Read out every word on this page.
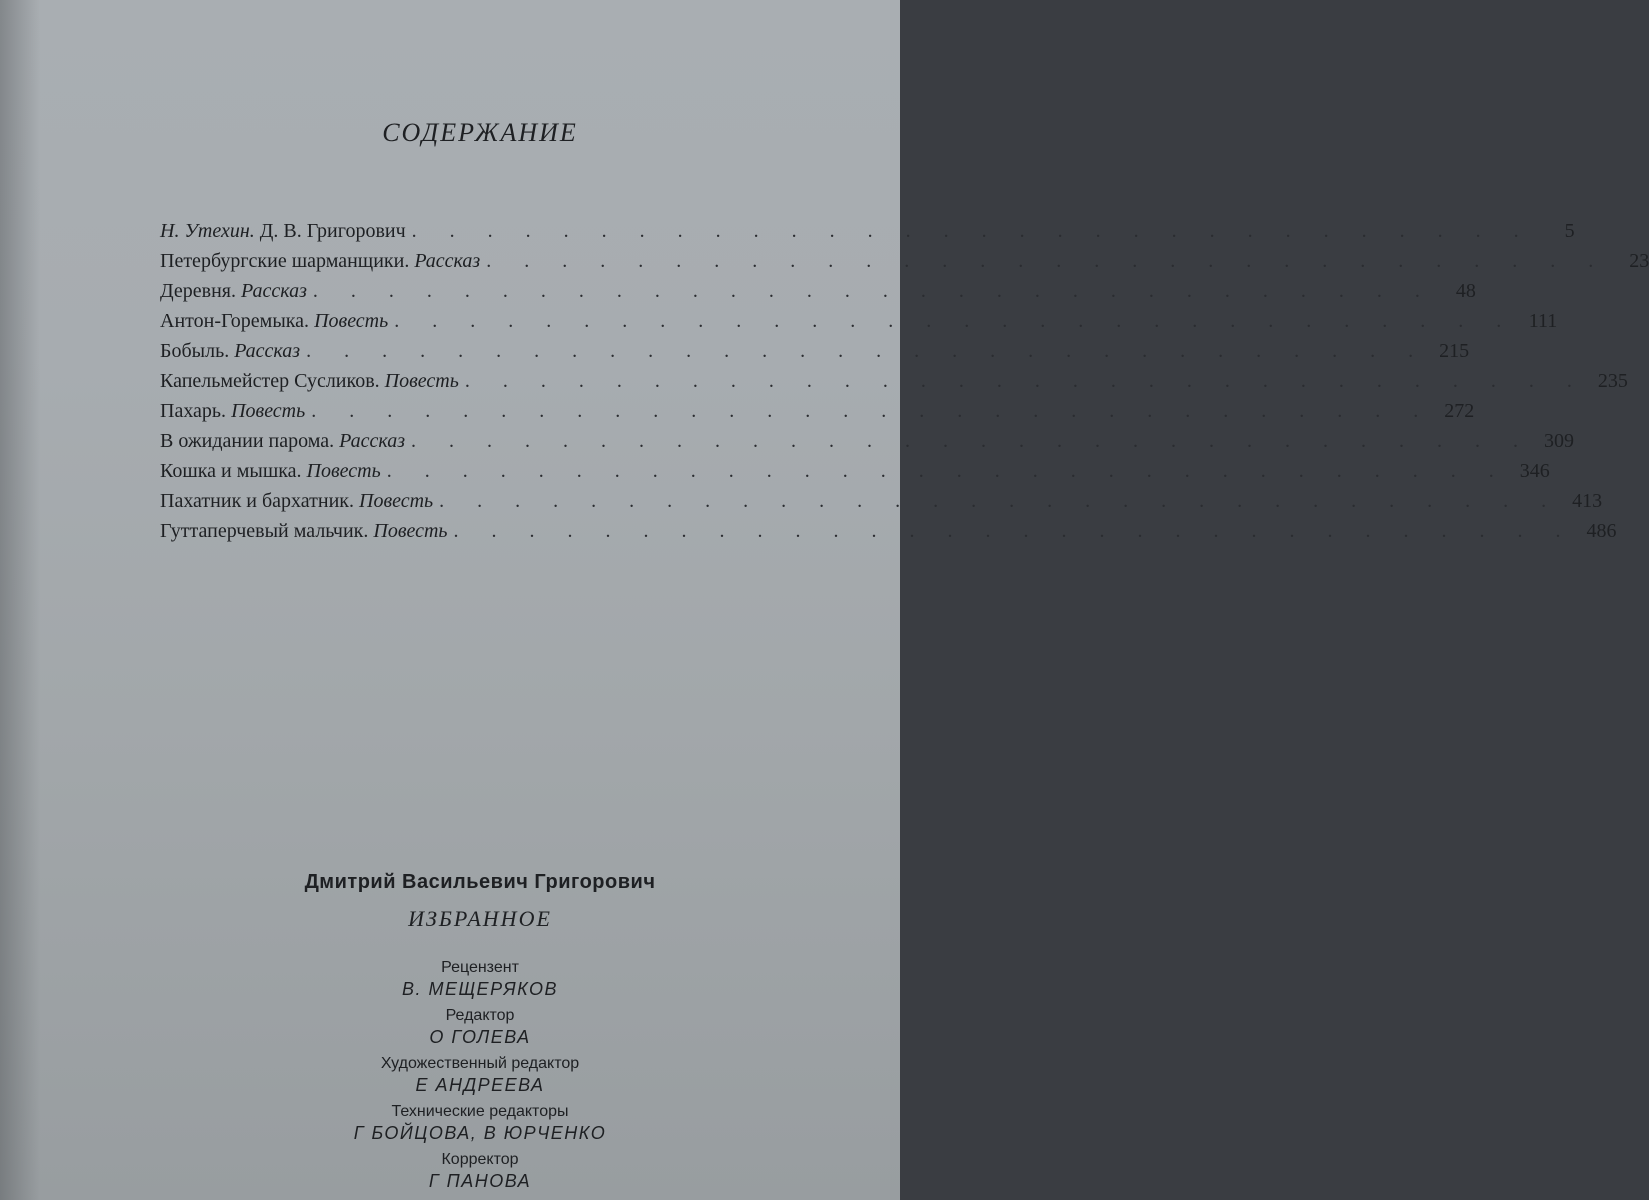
СОДЕРЖАНИЕ
Н. Утехин. Д. В. Григорович . . . . . . . . . . . . . . . . . . . . . . . . . . . . . .	5
Петербургские шарманщики. Рассказ . . . . . . . . . . . . . . . . . . . . . . . . . . . . . .	23
Деревня. Рассказ . . . . . . . . . . . . . . . . . . . . . . . . . . . . . .	48
Антон-Горемыка. Повесть . . . . . . . . . . . . . . . . . . . . . . . . . . . . . . 111
Бобыль. Рассказ . . . . . . . . . . . . . . . . . . . . . . . . . . . . . . 215
Капельмейстер Сусликов. Повесть . . . . . . . . . . . . . . . . . . . . . . . . . . . . . . 235
Пахарь. Повесть . . . . . . . . . . . . . . . . . . . . . . . . . . . . . . 272
В ожидании парома. Рассказ . . . . . . . . . . . . . . . . . . . . . . . . . . . . . . 309
Кошка и мышка. Повесть . . . . . . . . . . . . . . . . . . . . . . . . . . . . . . 346
Пахатник и бархатник. Повесть . . . . . . . . . . . . . . . . . . . . . . . . . . . . . . 413
Гуттаперчевый мальчик. Повесть . . . . . . . . . . . . . . . . . . . . . . . . . . . . . . 486

Дмитрий Васильевич Григорович

ИЗБРАННОЕ

Рецензент

В. МЕЩЕРЯКОВ

Редактор

О ГОЛЕВА

Художественный редактор

Е АНДРЕЕВА

Технические редакторы

Г БОЙЦОВА, В ЮРЧЕНКО

Корректор

Г ПАНОВА
